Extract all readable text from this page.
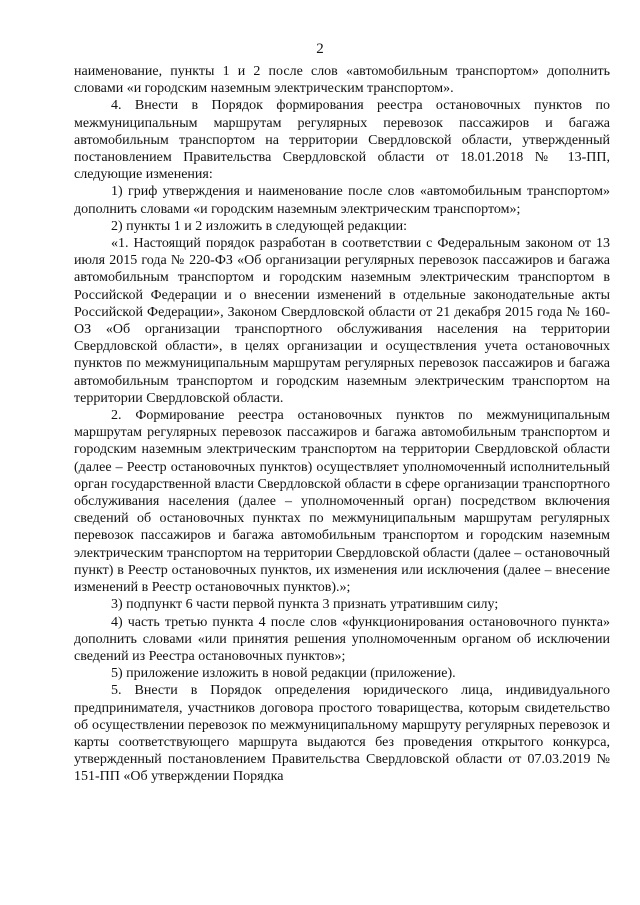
2

наименование, пункты 1 и 2 после слов «автомобильным транспортом» дополнить словами «и городским наземным электрическим транспортом».

4. Внести в Порядок формирования реестра остановочных пунктов по межмуниципальным маршрутам регулярных перевозок пассажиров и багажа автомобильным транспортом на территории Свердловской области, утвержденный постановлением Правительства Свердловской области от 18.01.2018 № 13-ПП, следующие изменения:

1) гриф утверждения и наименование после слов «автомобильным транспортом» дополнить словами «и городским наземным электрическим транспортом»;

2) пункты 1 и 2 изложить в следующей редакции:

«1. Настоящий порядок разработан в соответствии с Федеральным законом от 13 июля 2015 года № 220-ФЗ «Об организации регулярных перевозок пассажиров и багажа автомобильным транспортом и городским наземным электрическим транспортом в Российской Федерации и о внесении изменений в отдельные законодательные акты Российской Федерации», Законом Свердловской области от 21 декабря 2015 года № 160-ОЗ «Об организации транспортного обслуживания населения на территории Свердловской области», в целях организации и осуществления учета остановочных пунктов по межмуниципальным маршрутам регулярных перевозок пассажиров и багажа автомобильным транспортом и городским наземным электрическим транспортом на территории Свердловской области.

2. Формирование реестра остановочных пунктов по межмуниципальным маршрутам регулярных перевозок пассажиров и багажа автомобильным транспортом и городским наземным электрическим транспортом на территории Свердловской области (далее – Реестр остановочных пунктов) осуществляет уполномоченный исполнительный орган государственной власти Свердловской области в сфере организации транспортного обслуживания населения (далее – уполномоченный орган) посредством включения сведений об остановочных пунктах по межмуниципальным маршрутам регулярных перевозок пассажиров и багажа автомобильным транспортом и городским наземным электрическим транспортом на территории Свердловской области (далее – остановочный пункт) в Реестр остановочных пунктов, их изменения или исключения (далее – внесение изменений в Реестр остановочных пунктов).»;

3) подпункт 6 части первой пункта 3 признать утратившим силу;

4) часть третью пункта 4 после слов «функционирования остановочного пункта» дополнить словами «или принятия решения уполномоченным органом об исключении сведений из Реестра остановочных пунктов»;

5) приложение изложить в новой редакции (приложение).

5. Внести в Порядок определения юридического лица, индивидуального предпринимателя, участников договора простого товарищества, которым свидетельство об осуществлении перевозок по межмуниципальному маршруту регулярных перевозок и карты соответствующего маршрута выдаются без проведения открытого конкурса, утвержденный постановлением Правительства Свердловской области от 07.03.2019 № 151-ПП «Об утверждении Порядка
